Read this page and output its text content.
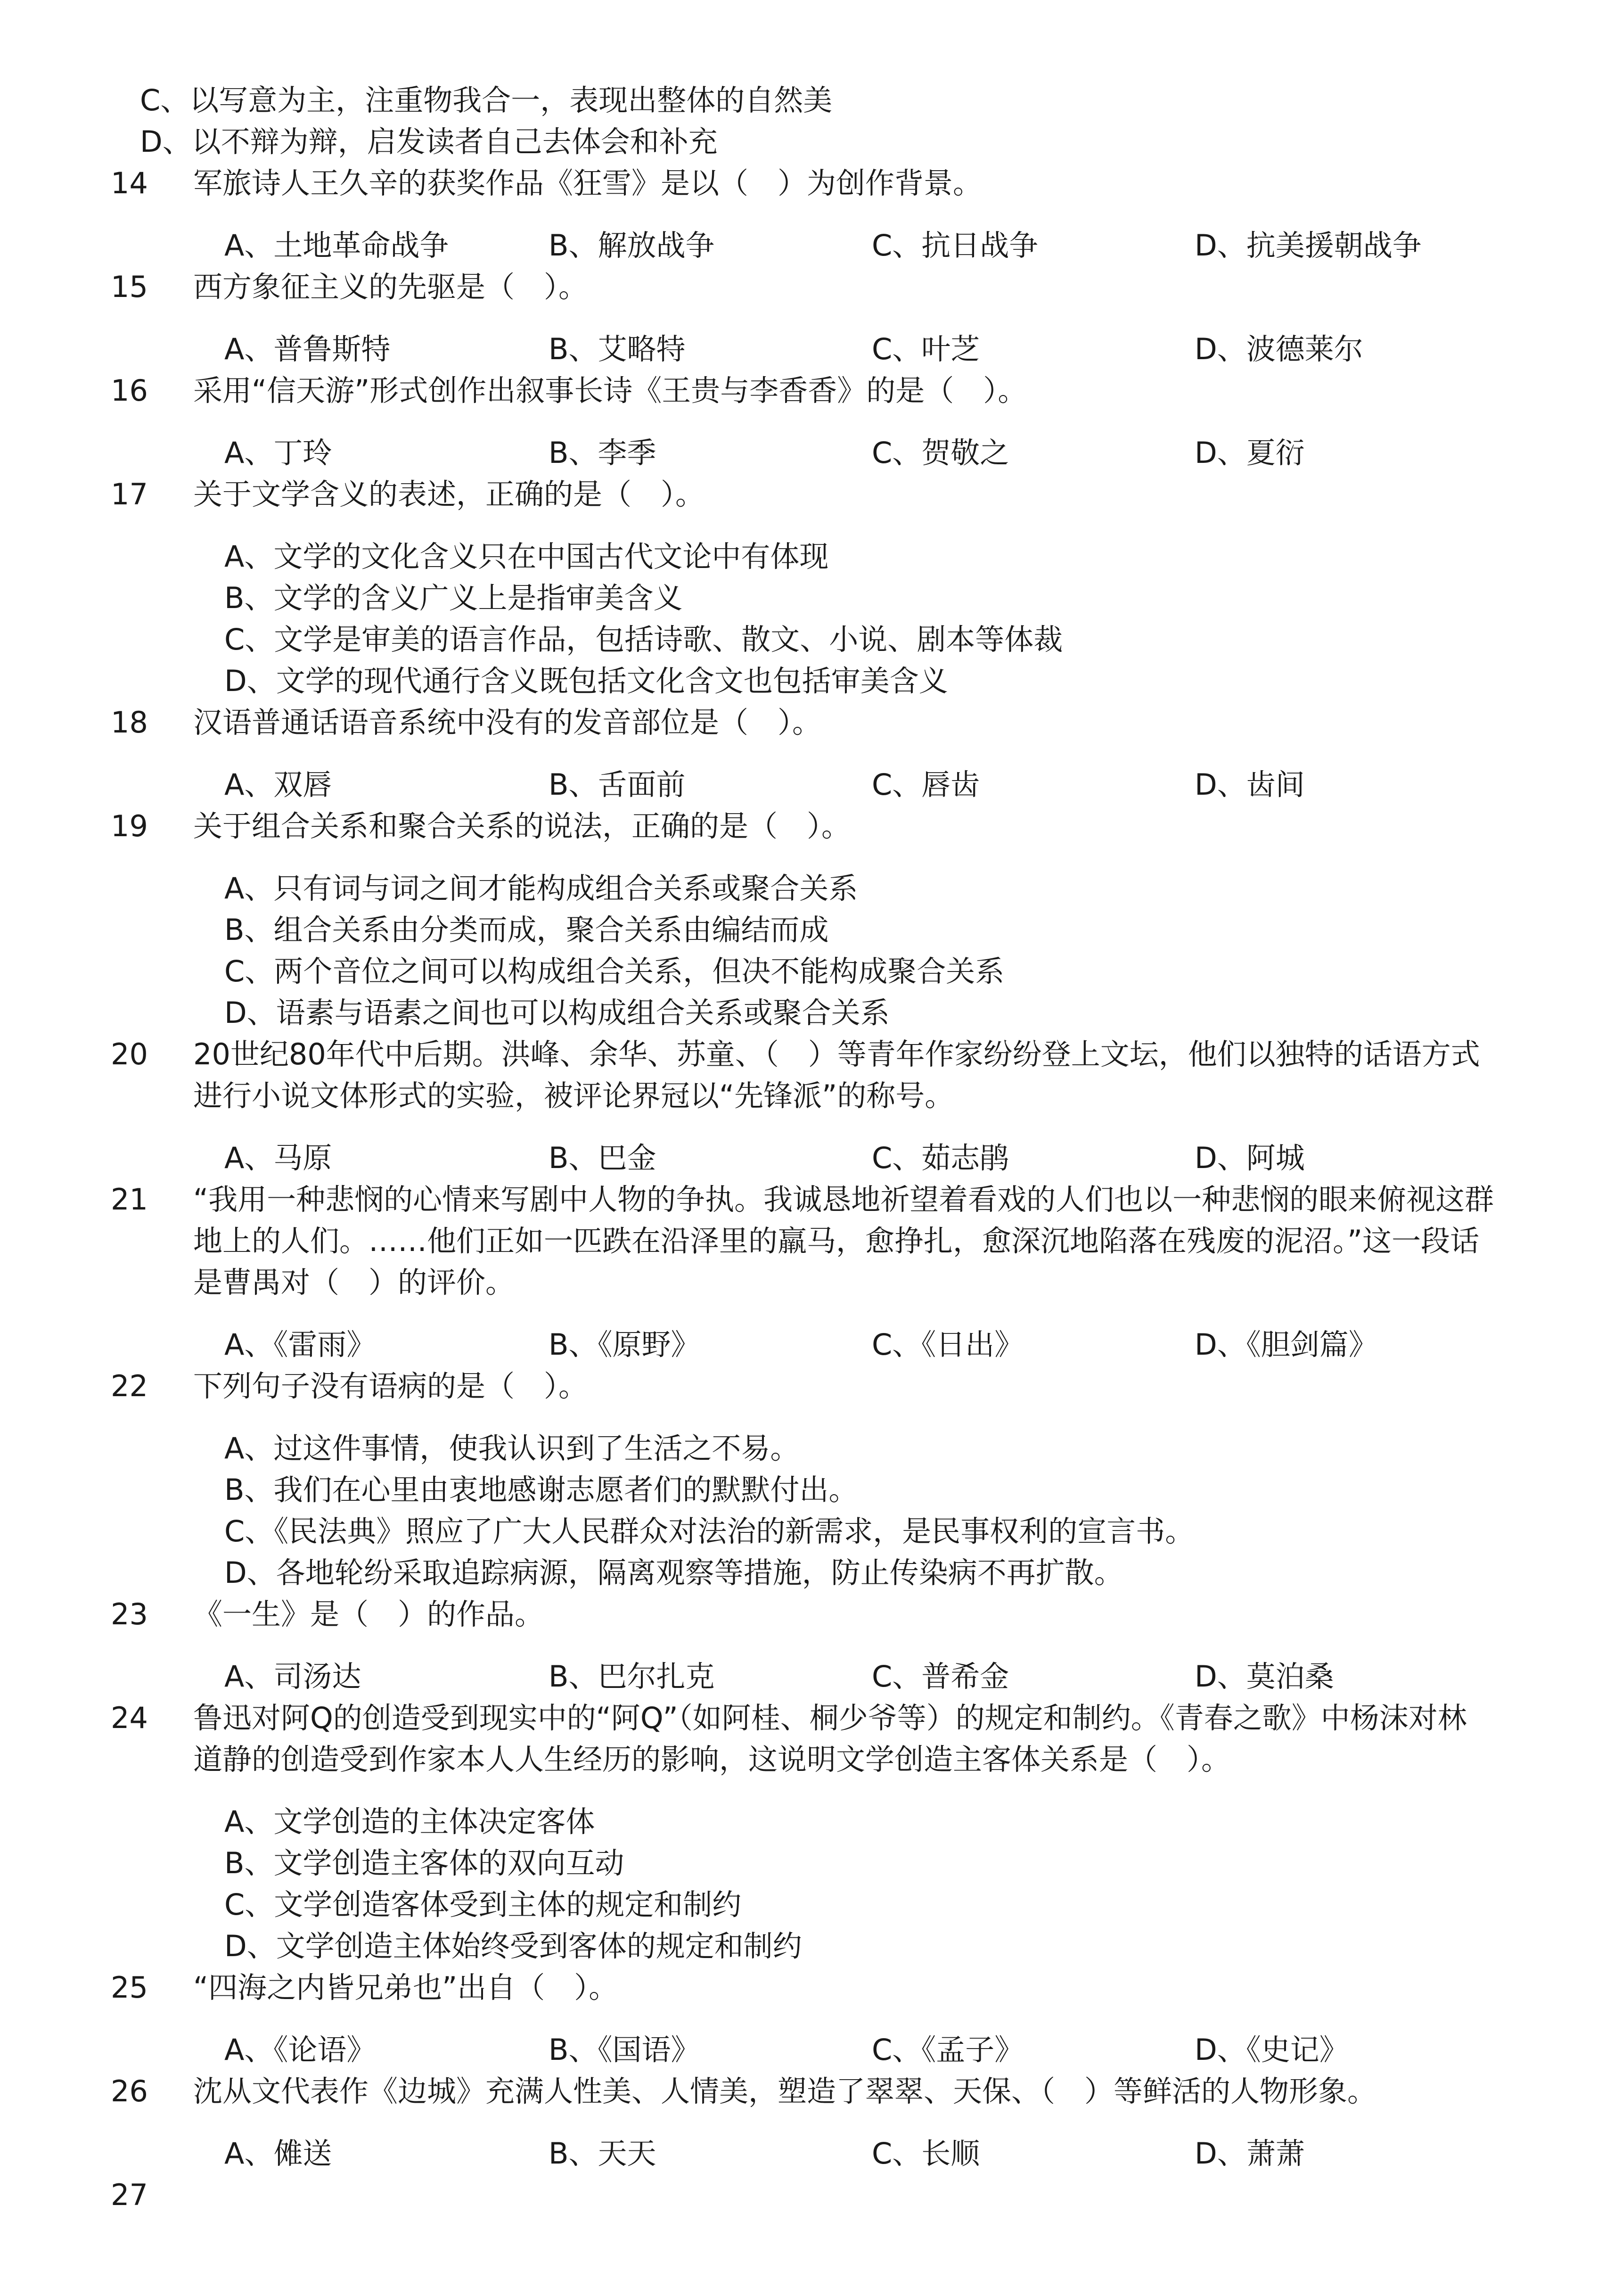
C、以写意为主，注重物我合一，表现出整体的自然美
D、以不辩为辩，启发读者自己去体会和补充
14 军旅诗人王久辛的获奖作品《狂雪》是以（　）为创作背景。
A、土地革命战争	B、解放战争	C、抗日战争	D、抗美援朝战争
15 西方象征主义的先驱是（　）。
A、普鲁斯特	B、艾略特	C、叶芝	D、波德莱尔
16 采用“信天游”形式创作出叙事长诗《王贵与李香香》的是（　）。
A、丁玲	B、李季	C、贺敬之	D、夏衍
17 关于文学含义的表述，正确的是（　）。
A、文学的文化含义只在中国古代文论中有体现
B、文学的含义广义上是指审美含义
C、文学是审美的语言作品，包括诗歌、散文、小说、剧本等体裁
D、文学的现代通行含义既包括文化含文也包括审美含义
18 汉语普通话语音系统中没有的发音部位是（　）。
A、双唇	B、舌面前	C、唇齿	D、齿间
19 关于组合关系和聚合关系的说法，正确的是（　）。
A、只有词与词之间才能构成组合关系或聚合关系
B、组合关系由分类而成，聚合关系由编结而成
C、两个音位之间可以构成组合关系，但决不能构成聚合关系
D、语素与语素之间也可以构成组合关系或聚合关系
20 20世纪80年代中后期。洪峰、余华、苏童、（　）等青年作家纷纷登上文坛，他们以独特的话语方式
进行小说文体形式的实验，被评论界冠以“先锋派”的称号。
A、马原	B、巴金	C、茹志鹃	D、阿城
21 “我用一种悲悯的心情来写剧中人物的争执。我诚恳地祈望着看戏的人们也以一种悲悯的眼来俯视这群
地上的人们。……他们正如一匹跌在沿泽里的羸马，愈挣扎，愈深沉地陷落在残废的泥沼。”这一段话
是曹禺对（　）的评价。
A、《雷雨》	B、《原野》	C、《日出》	D、《胆剑篇》
22 下列句子没有语病的是（　）。
A、过这件事情，使我认识到了生活之不易。
B、我们在心里由衷地感谢志愿者们的默默付出。
C、《民法典》照应了广大人民群众对法治的新需求，是民事权利的宣言书。
D、各地轮纷采取追踪病源，隔离观察等措施，防止传染病不再扩散。
23 《一生》是（　）的作品。
A、司汤达	B、巴尔扎克	C、普希金	D、莫泊桑
24 鲁迅对阿Q的创造受到现实中的“阿Q”（如阿桂、桐少爷等）的规定和制约。《青春之歌》中杨沫对林
道静的创造受到作家本人人生经历的影响，这说明文学创造主客体关系是（　）。
A、文学创造的主体决定客体
B、文学创造主客体的双向互动
C、文学创造客体受到主体的规定和制约
D、文学创造主体始终受到客体的规定和制约
25 “四海之内皆兄弟也”出自（　）。
A、《论语》	B、《国语》	C、《孟子》	D、《史记》
26 沈从文代表作《边城》充满人性美、人情美，塑造了翠翠、天保、（　）等鲜活的人物形象。
A、傩送	B、天天	C、长顺	D、萧萧
27
